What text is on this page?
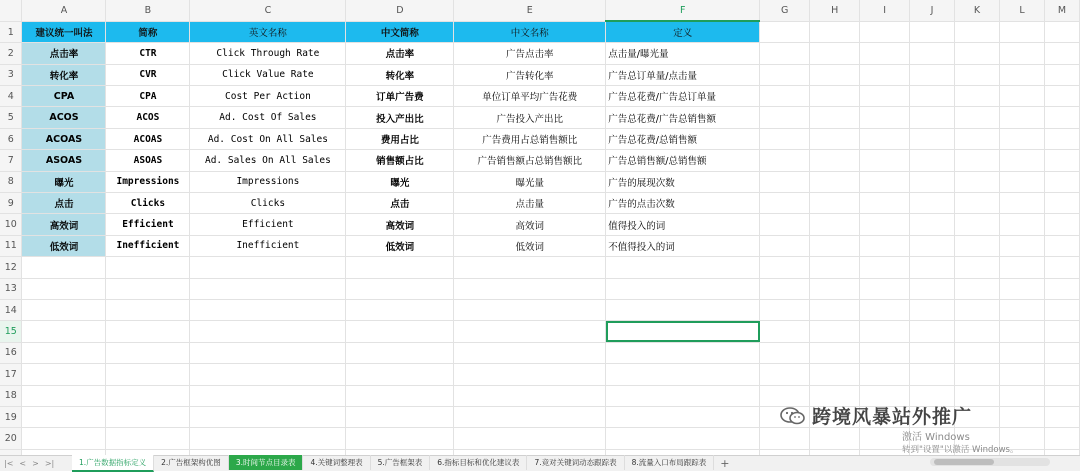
	A	B	C	D	E	F	G	H	I	J	K	L	M
1	建议统一叫法	简称	英文名称	中文简称	中文名称	定义							
2	点击率	CTR	Click Through Rate	点击率	广告点击率	点击量/曝光量							
3	转化率	CVR	Click Value Rate	转化率	广告转化率	广告总订单量/点击量							
4	CPA	CPA	Cost Per Action	订单广告费	单位订单平均广告花费	广告总花费/广告总订单量							
5	ACOS	ACOS	Ad. Cost Of Sales	投入产出比	广告投入产出比	广告总花费/广告总销售额							
6	ACOAS	ACOAS	Ad. Cost On All Sales	费用占比	广告费用占总销售额比	广告总花费/总销售额							
7	ASOAS	ASOAS	Ad. Sales On All Sales	销售额占比	广告销售额占总销售额比	广告总销售额/总销售额							
8	曝光	Impressions	Impressions	曝光	曝光量	广告的展现次数							
9	点击	Clicks	Clicks	点击	点击量	广告的点击次数							
10	高效词	Efficient	Efficient	高效词	高效词	值得投入的词							
11	低效词	Inefficient	Inefficient	低效词	低效词	不值得投入的词							
12													
13													
14													
15													
16													
17													
18													
19													
20													

跨境风暴站外推广
激活 Windows
转到"设置"以激活 Windows。
|< < > >|	1.广告数据指标定义	2.广告框架构优图	3.时间节点目录表	4.关键词整理表	5.广告框架表	6.指标目标和优化建议表	7.竞对关键词动态跟踪表	8.流量入口布局跟踪表	+
